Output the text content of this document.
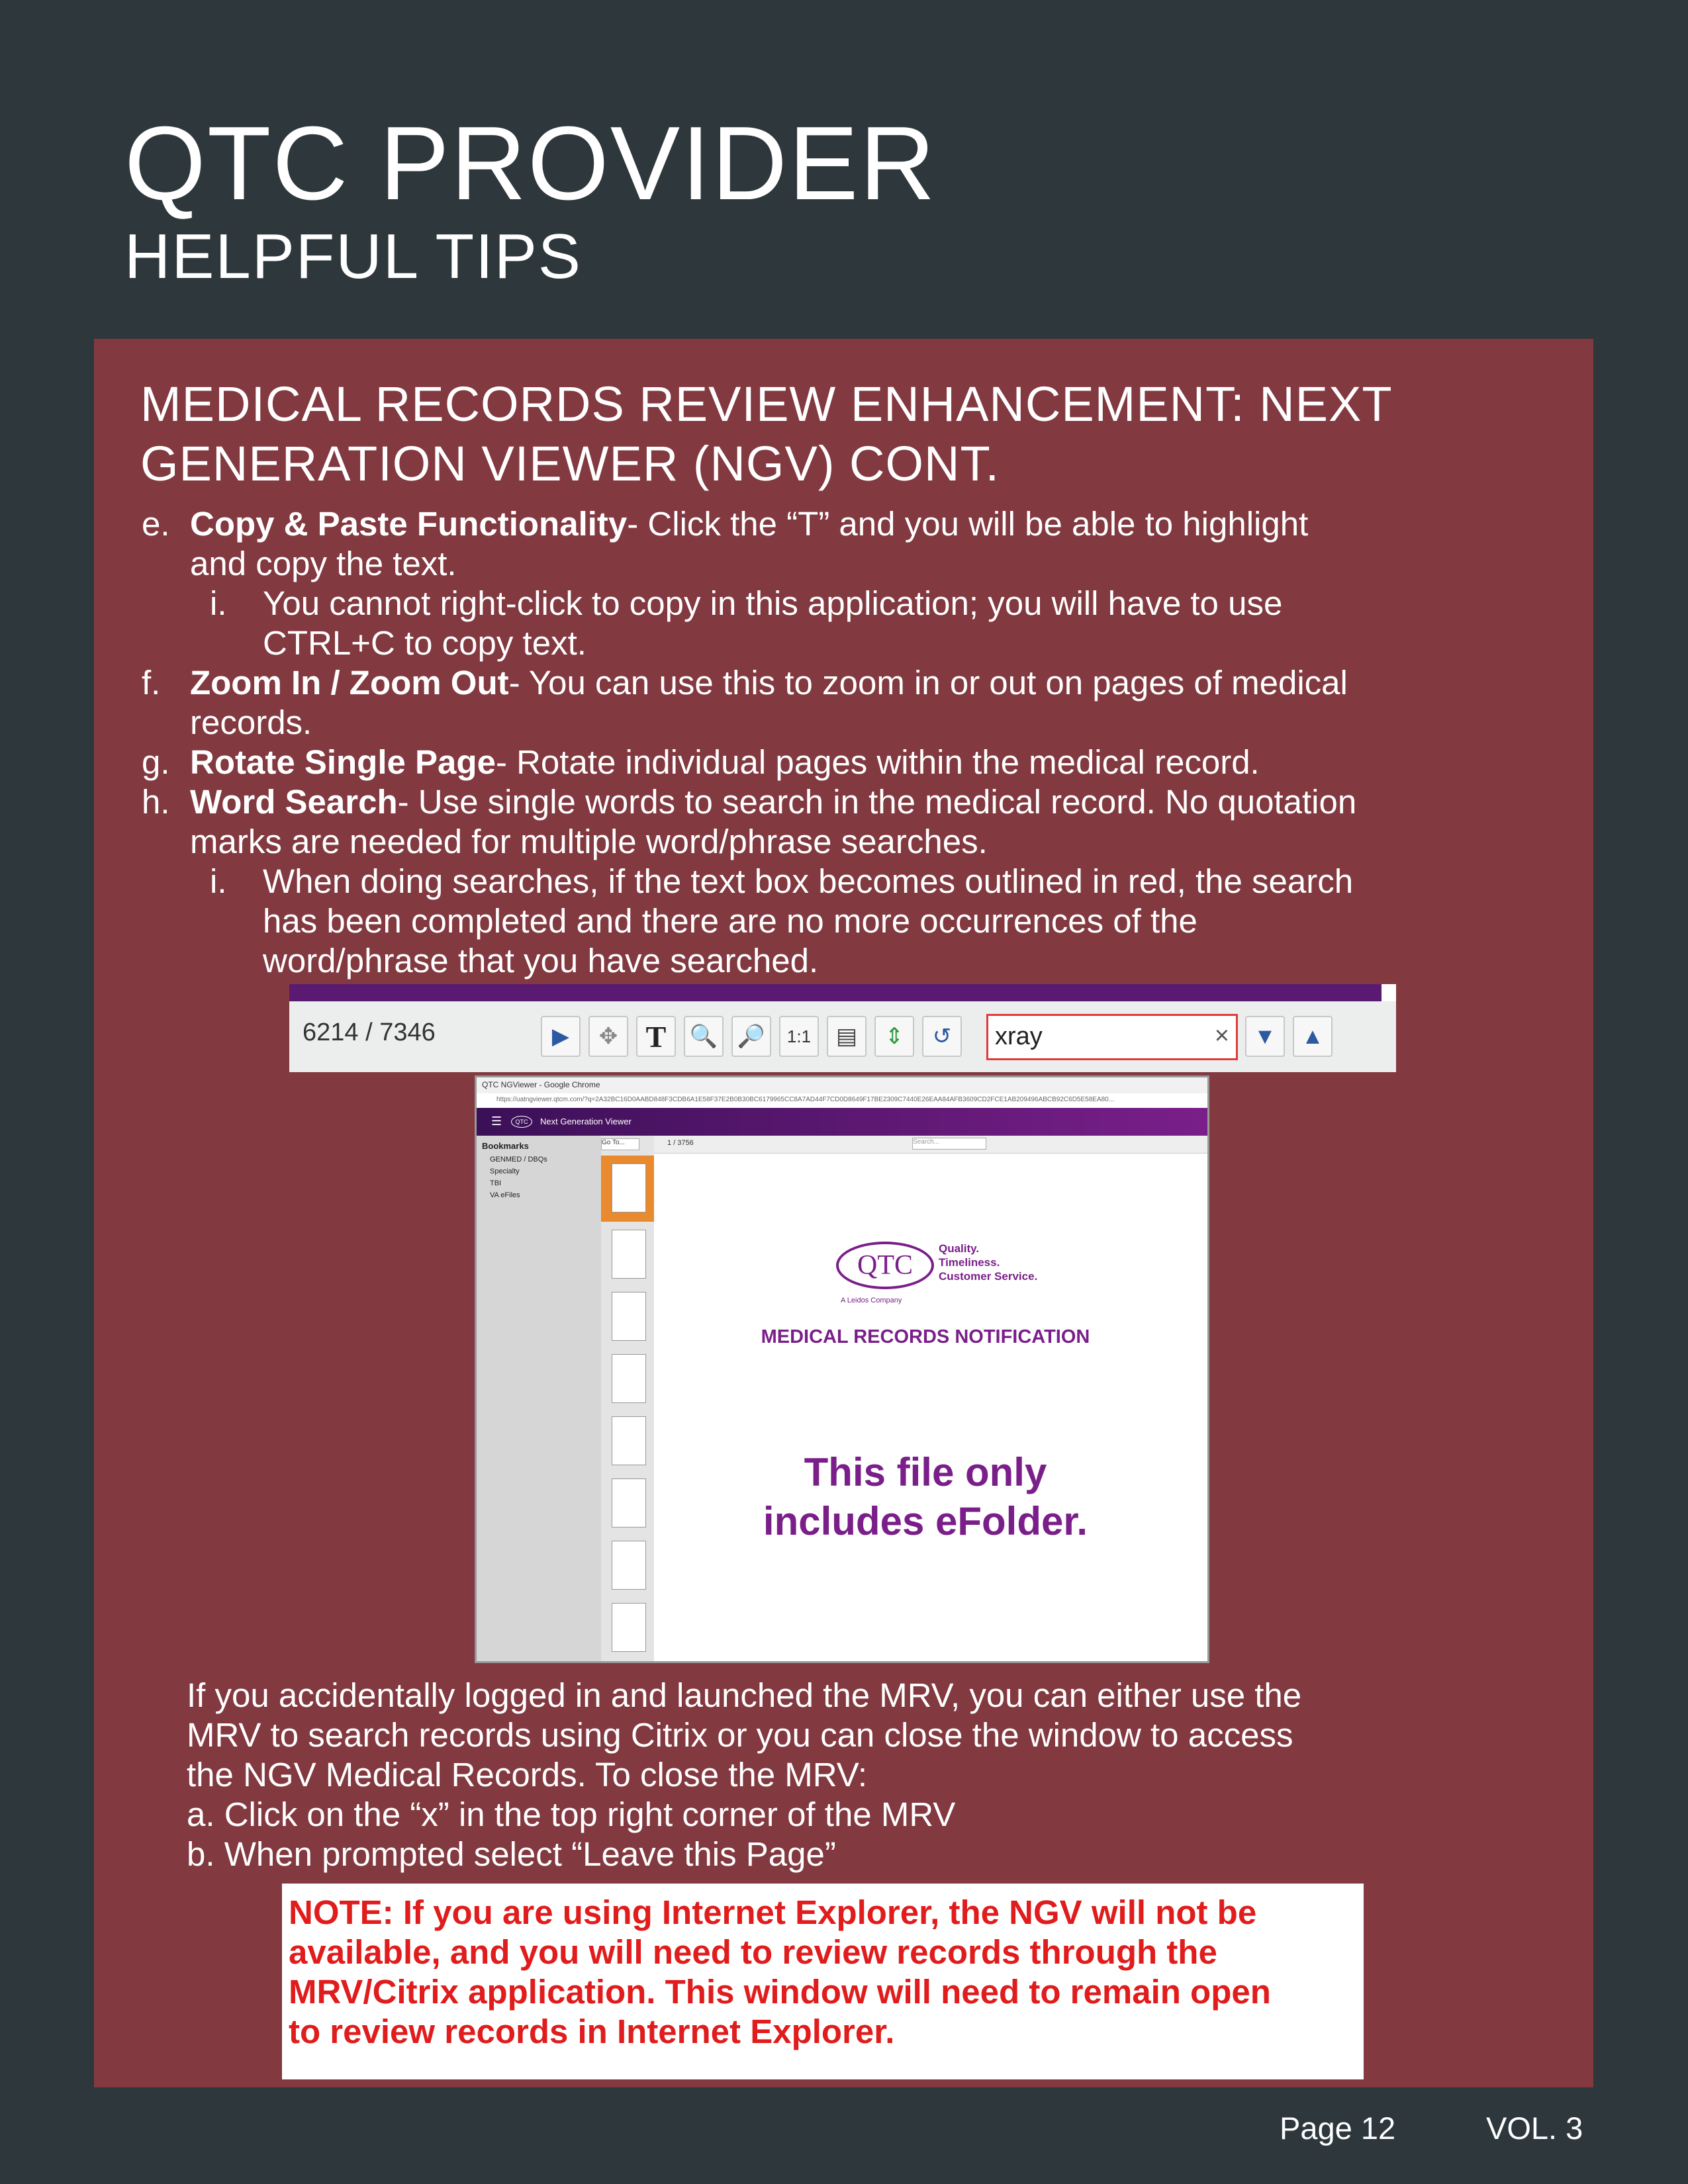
QTC PROVIDER
HELPFUL TIPS
MEDICAL RECORDS REVIEW ENHANCEMENT: NEXT GENERATION VIEWER (NGV) CONT.
e. Copy & Paste Functionality- Click the “T” and you will be able to highlight
and copy the text.
i. You cannot right-click to copy in this application; you will have to use
CTRL+C to copy text.
f. Zoom In / Zoom Out- You can use this to zoom in or out on pages of medical
records.
g. Rotate Single Page- Rotate individual pages within the medical record.
h. Word Search- Use single words to search in the medical record. No quotation
marks are needed for multiple word/phrase searches.
i. When doing searches, if the text box becomes outlined in red, the search
has been completed and there are no more occurrences of the
word/phrase that you have searched.
6214 / 7346	▶	✥ T	🔍 🔎	1:1	▤	⇕	↺	xray	×	▼	▲
QTC NGViewer - Google Chrome
https://uatngviewer.qtcm.com/?q=2A32BC16D0AABD848F3CDB6A1E58F37E2B0B30BC6179965CC8A7AD44F7CD0D8649F17BE2309C7440E26EAA84AFB3609CD2FCE1AB209496ABCB92C6D5E58EA80...
☰	QTC	Next Generation Viewer
Bookmarks
GENMED / DBQs
Specialty
TBI
VA eFiles
Go To...	1 / 3756	Search...
QTC
Quality.
Timeliness.
Customer Service.
A Leidos Company
MEDICAL RECORDS NOTIFICATION
This file only
includes eFolder.
If you accidentally logged in and launched the MRV, you can either use the
MRV to search records using Citrix or you can close the window to access
the NGV Medical Records. To close the MRV:
a. Click on the “x” in the top right corner of the MRV
b. When prompted select “Leave this Page”
NOTE: If you are using Internet Explorer, the NGV will not be
available, and you will need to review records through the
MRV/Citrix application. This window will need to remain open
to review records in Internet Explorer.
Page 12	VOL. 3
